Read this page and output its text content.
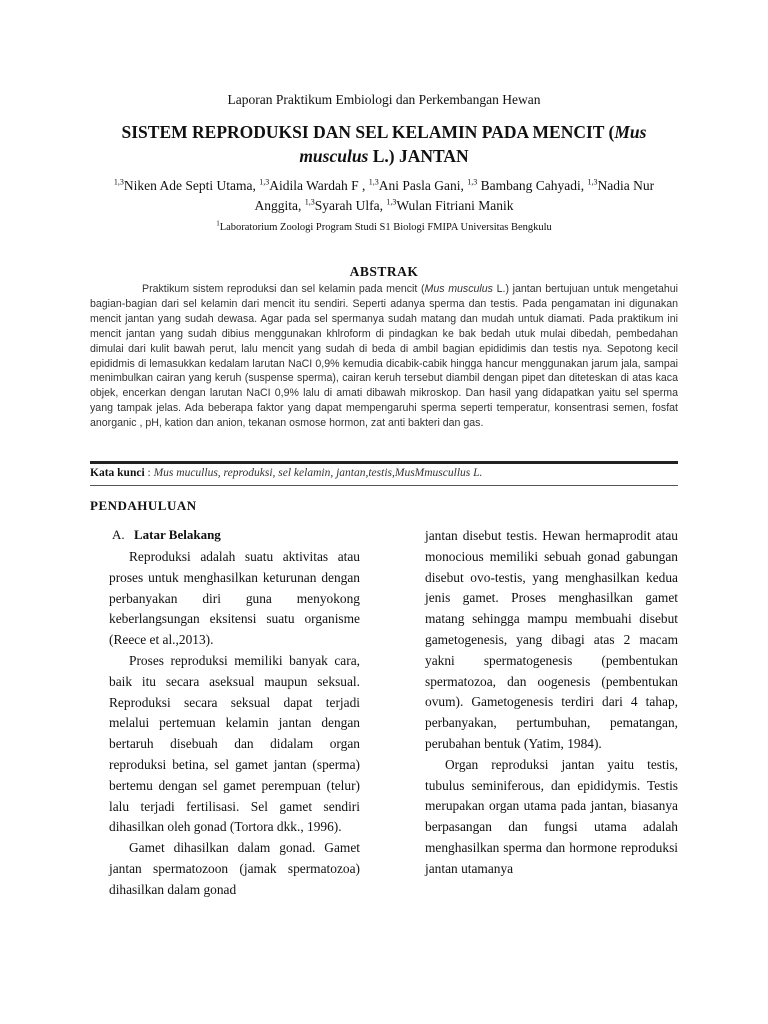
Laporan Praktikum Embiologi dan Perkembangan Hewan
SISTEM REPRODUKSI DAN SEL KELAMIN PADA MENCIT (Mus musculus L.) JANTAN
$^{1,3}$Niken Ade Septi Utama, $^{1,3}$Aidila Wardah F , $^{1,3}$Ani Pasla Gani, $^{1,3}$ Bambang Cahyadi, $^{1,3}$Nadia Nur Anggita, $^{1,3}$Syarah Ulfa, $^{1,3}$Wulan Fitriani Manik
$^1$Laboratorium Zoologi Program Studi S1 Biologi FMIPA Universitas Bengkulu
ABSTRAK

Praktikum sistem reproduksi dan sel kelamin pada mencit (Mus musculus L.) jantan bertujuan untuk mengetahui bagian-bagian dari sel kelamin dari mencit itu sendiri. Seperti adanya sperma dan testis. Pada pengamatan ini digunakan mencit jantan yang sudah dewasa. Agar pada sel spermanya sudah matang dan mudah untuk diamati. Pada praktikum ini mencit jantan yang sudah dibius menggunakan khlroform di pindagkan ke bak bedah utuk mulai dibedah, pembedahan dimulai dari kulit bawah perut, lalu mencit yang sudah di beda di ambil bagian epididimis dan testis nya. Sepotong kecil epididmis di lemasukkan kedalam larutan NaCI 0,9% kemudia dicabik-cabik hingga hancur menggunakan jarum jala, sampai menimbulkan cairan yang keruh (suspense sperma), cairan keruh tersebut diambil dengan pipet dan diteteskan di atas kaca objek, encerkan dengan larutan NaCI 0,9% lalu di amati dibawah mikroskop. Dan hasil yang didapatkan yaitu sel sperma yang tampak jelas. Ada beberapa faktor yang dapat mempengaruhi sperma seperti temperatur, konsentrasi semen, fosfat anorganic , pH, kation dan anion, tekanan osmose hormon, zat anti bakteri dan gas.

Kata kunci : Mus mucullus, reproduksi, sel kelamin, jantan,testis,MusMmuscullus L.
PENDAHULUAN
A. Latar Belakang

Reproduksi adalah suatu aktivitas atau proses untuk menghasilkan keturunan dengan perbanyakan diri guna menyokong keberlangsungan eksitensi suatu organisme (Reece et al.,2013).

Proses reproduksi memiliki banyak cara, baik itu secara aseksual maupun seksual. Reproduksi secara seksual dapat terjadi melalui pertemuan kelamin jantan dengan bertaruh disebuah dan didalam organ reproduksi betina, sel gamet jantan (sperma) bertemu dengan sel gamet perempuan (telur) lalu terjadi fertilisasi. Sel gamet sendiri dihasilkan oleh gonad (Tortora dkk., 1996).

Gamet dihasilkan dalam gonad. Gamet jantan spermatozoon (jamak spermatozoa) dihasilkan dalam gonad

jantan disebut testis. Hewan hermaprodit atau monocious memiliki sebuah gonad gabungan disebut ovo-testis, yang menghasilkan kedua jenis gamet. Proses menghasilkan gamet matang sehingga mampu membuahi disebut gametogenesis, yang dibagi atas 2 macam yakni spermatogenesis (pembentukan spermatozoa, dan oogenesis (pembentukan ovum). Gametogenesis terdiri dari 4 tahap, perbanyakan, pertumbuhan, pematangan, perubahan bentuk (Yatim, 1984).

Organ reproduksi jantan yaitu testis, tubulus seminiferous, dan epididymis. Testis merupakan organ utama pada jantan, biasanya berpasangan dan fungsi utama adalah menghasilkan sperma dan hormone reproduksi jantan utamanya
